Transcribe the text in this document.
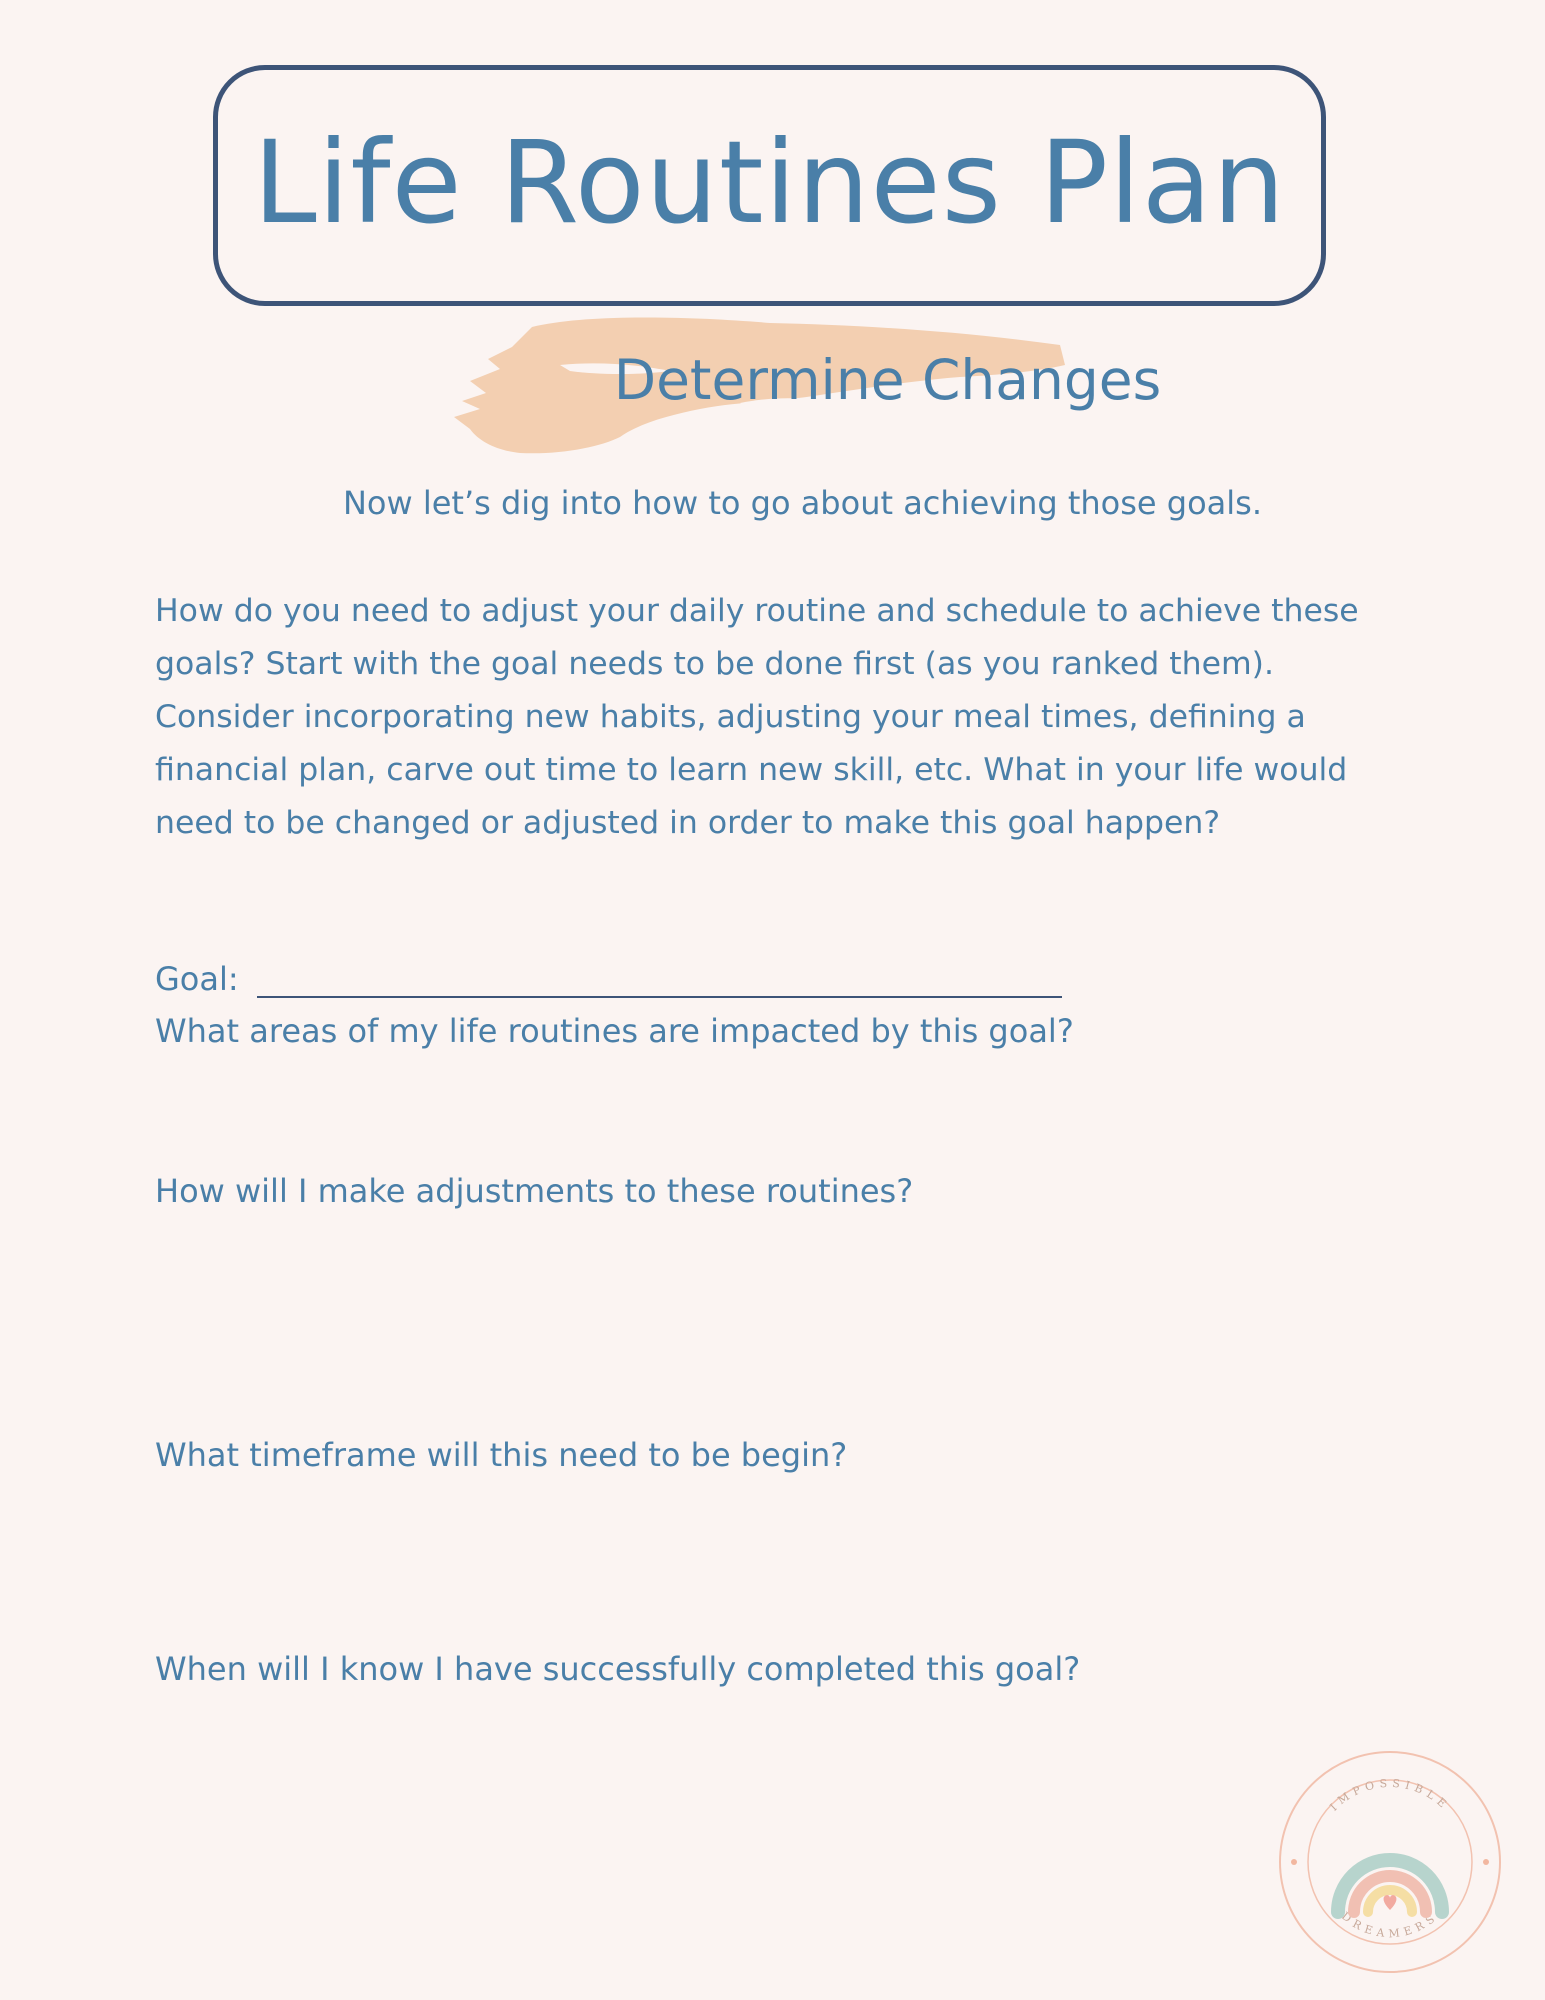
Life Routines Plan
Determine Changes
Now let’s dig into how to go about achieving those goals.
How do you need to adjust your daily routine and schedule to achieve these
goals? Start with the goal needs to be done first (as you ranked them).
Consider incorporating new habits, adjusting your meal times, defining a
financial plan, carve out time to learn new skill, etc. What in your life would
need to be changed or adjusted in order to make this goal happen?
Goal:
What areas of my life routines are impacted by this goal?
How will I make adjustments to these routines?
What timeframe will this need to be begin?
When will I know I have successfully completed this goal?
IMPOSSIBLE
DREAMERS
